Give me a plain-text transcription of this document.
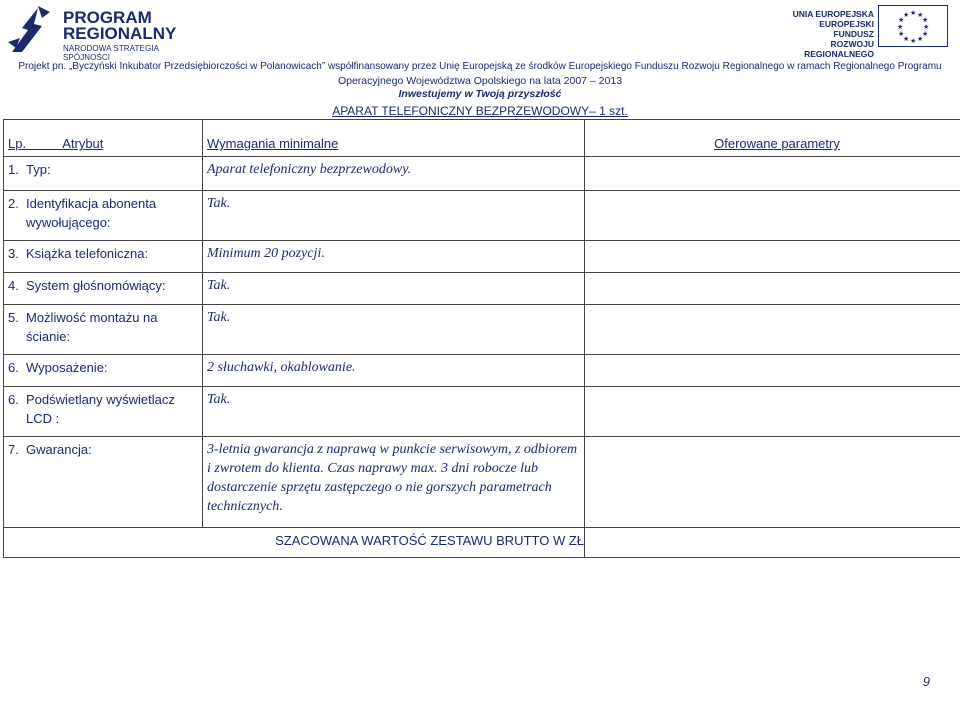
PROGRAM
REGIONALNY
NARODOWA STRATEGIA SPÓJNOŚCI
UNIA EUROPEJSKA
EUROPEJSKI FUNDUSZ
ROZWOJU REGIONALNEGO
★ ★
★
★
★
★
★
★
★
★
★
★
Projekt pn. „Byczyński Inkubator Przedsiębiorczości w Polanowicach” współfinansowany przez Unię Europejską ze środków Europejskiego Funduszu Rozwoju Regionalnego w ramach Regionalnego Programu
Operacyjnego Województwa Opolskiego na lata 2007 – 2013
Inwestujemy w Twoją przyszłość
APARAT TELEFONICZNY BEZPRZEWODOWY– 1 szt.
Lp. Atrybut	Wymagania minimalne	Oferowane parametry

1. Typ:	Aparat telefoniczny bezprzewodowy.	

2. Identyfikacja abonenta wywołującego:	Tak.	

3. Książka telefoniczna:	Minimum 20 pozycji.	

4. System głośnomówiący:	Tak.	

5. Możliwość montażu na ścianie:	Tak.	

6. Wyposażenie:	2 słuchawki, okablowanie.	

6. Podświetlany wyświetlacz LCD :	Tak.	

7. Gwarancja:	3-letnia gwarancja z naprawą w punkcie serwisowym, z odbiorem i zwrotem do klienta. Czas naprawy max. 3 dni robocze lub dostarczenie sprzętu zastępczego o nie gorszych parametrach technicznych.	
SZACOWANA WARTOŚĆ ZESTAWU BRUTTO W ZŁ		
9
